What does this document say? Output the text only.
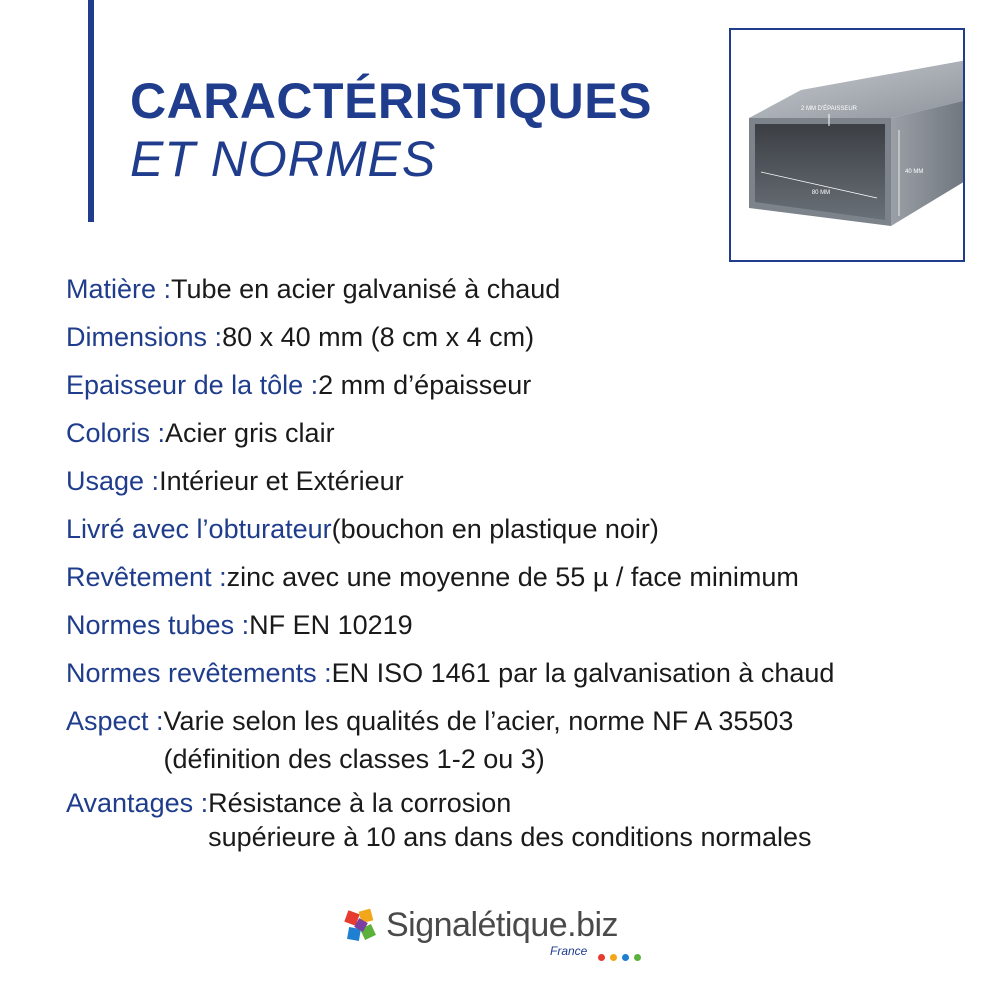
CARACTÉRISTIQUES
ET NORMES
2 MM D'ÉPAISSEUR
40 MM
80 MM
Matière : Tube en acier galvanisé à chaud
Dimensions : 80 x 40 mm (8 cm x 4 cm)
Epaisseur de la tôle : 2 mm d’épaisseur
Coloris : Acier gris clair
Usage : Intérieur et Extérieur
Livré avec l’obturateur (bouchon en plastique noir)
Revêtement : zinc avec une moyenne de 55 µ / face minimum
Normes tubes : NF EN 10219
Normes revêtements : EN ISO 1461 par la galvanisation à chaud
Aspect : Varie selon les qualités de l’acier, norme NF A 35503
(définition des classes 1-2 ou 3)
Avantages : Résistance à la corrosion
supérieure à 10 ans dans des conditions normales
Signalétique.biz
France
